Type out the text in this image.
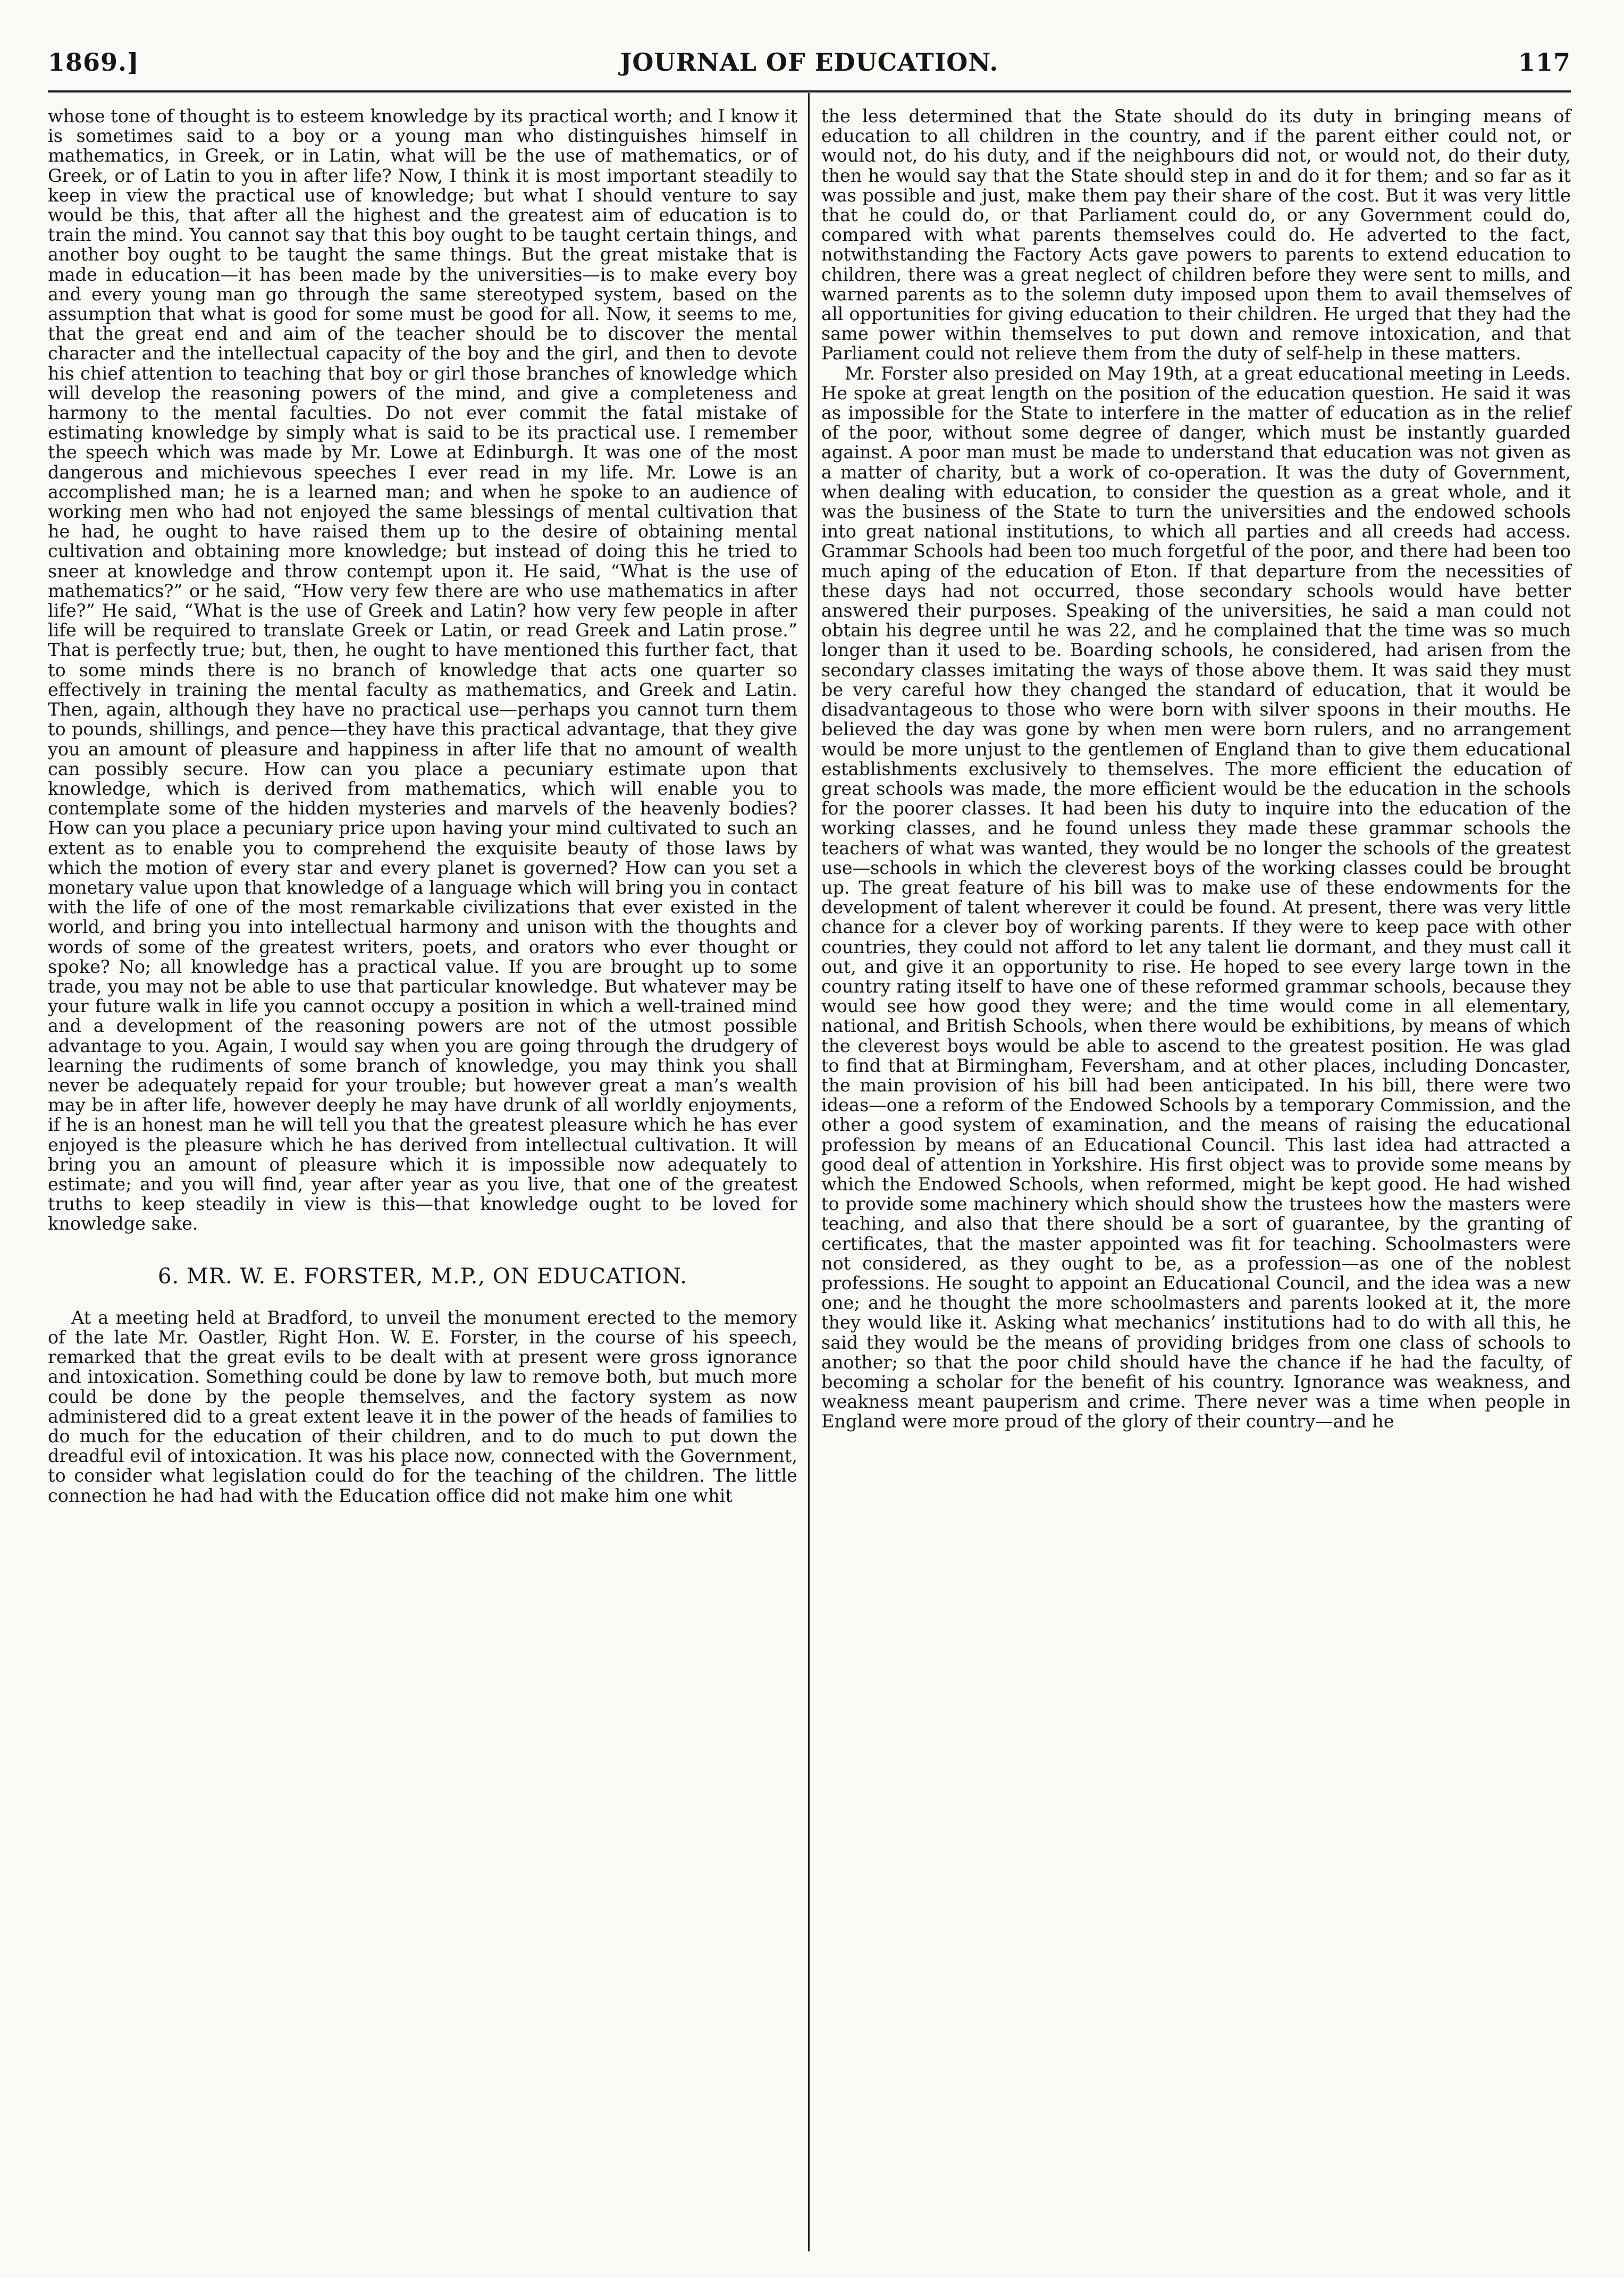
1869.]	JOURNAL OF EDUCATION.	117

whose tone of thought is to esteem knowledge by its practical worth; and I know it is sometimes said to a boy or a young man who distinguishes himself in mathematics, in Greek, or in Latin, what will be the use of mathematics, or of Greek, or of Latin to you in after life? Now, I think it is most important steadily to keep in view the practical use of knowledge; but what I should venture to say would be this, that after all the highest and the greatest aim of education is to train the mind. You cannot say that this boy ought to be taught certain things, and another boy ought to be taught the same things. But the great mistake that is made in education—it has been made by the universities—is to make every boy and every young man go through the same stereotyped system, based on the assumption that what is good for some must be good for all. Now, it seems to me, that the great end and aim of the teacher should be to discover the mental character and the intellectual capacity of the boy and the girl, and then to devote his chief attention to teaching that boy or girl those branches of knowledge which will develop the reasoning powers of the mind, and give a completeness and harmony to the mental faculties. Do not ever commit the fatal mistake of estimating knowledge by simply what is said to be its practical use. I remember the speech which was made by Mr. Lowe at Edinburgh. It was one of the most dangerous and michievous speeches I ever read in my life. Mr. Lowe is an accomplished man; he is a learned man; and when he spoke to an audience of working men who had not enjoyed the same blessings of mental cultivation that he had, he ought to have raised them up to the desire of obtaining mental cultivation and obtaining more knowledge; but instead of doing this he tried to sneer at knowledge and throw contempt upon it. He said, “What is the use of mathematics?” or he said, “How very few there are who use mathematics in after life?” He said, “What is the use of Greek and Latin? how very few people in after life will be required to translate Greek or Latin, or read Greek and Latin prose.” That is perfectly true; but, then, he ought to have mentioned this further fact, that to some minds there is no branch of knowledge that acts one quarter so effectively in training the mental faculty as mathematics, and Greek and Latin. Then, again, although they have no practical use—perhaps you cannot turn them to pounds, shillings, and pence—they have this practical advantage, that they give you an amount of pleasure and happiness in after life that no amount of wealth can possibly secure. How can you place a pecuniary estimate upon that knowledge, which is derived from mathematics, which will enable you to contemplate some of the hidden mysteries and marvels of the heavenly bodies? How can you place a pecuniary price upon having your mind cultivated to such an extent as to enable you to comprehend the exquisite beauty of those laws by which the motion of every star and every planet is governed? How can you set a monetary value upon that knowledge of a language which will bring you in contact with the life of one of the most remarkable civilizations that ever existed in the world, and bring you into intellectual harmony and unison with the thoughts and words of some of the greatest writers, poets, and orators who ever thought or spoke? No; all knowledge has a practical value. If you are brought up to some trade, you may not be able to use that particular knowledge. But whatever may be your future walk in life you cannot occupy a position in which a well-trained mind and a development of the reasoning powers are not of the utmost possible advantage to you. Again, I would say when you are going through the drudgery of learning the rudiments of some branch of knowledge, you may think you shall never be adequately repaid for your trouble; but however great a man’s wealth may be in after life, however deeply he may have drunk of all worldly enjoyments, if he is an honest man he will tell you that the greatest pleasure which he has ever enjoyed is the pleasure which he has derived from intellectual cultivation. It will bring you an amount of pleasure which it is impossible now adequately to estimate; and you will find, year after year as you live, that one of the greatest truths to keep steadily in view is this—that knowledge ought to be loved for knowledge sake.

6. MR. W. E. FORSTER, M.P., ON EDUCATION.

At a meeting held at Bradford, to unveil the monument erected to the memory of the late Mr. Oastler, Right Hon. W. E. Forster, in the course of his speech, remarked that the great evils to be dealt with at present were gross ignorance and intoxication. Something could be done by law to remove both, but much more could be done by the people themselves, and the factory system as now administered did to a great extent leave it in the power of the heads of families to do much for the education of their children, and to do much to put down the dreadful evil of intoxication. It was his place now, connected with the Government, to consider what legislation could do for the teaching of the children. The little connection he had had with the Education office did not make him one whit

the less determined that the State should do its duty in bringing means of education to all children in the country, and if the parent either could not, or would not, do his duty, and if the neighbours did not, or would not, do their duty, then he would say that the State should step in and do it for them; and so far as it was possible and just, make them pay their share of the cost. But it was very little that he could do, or that Parliament could do, or any Government could do, compared with what parents themselves could do. He adverted to the fact, notwithstanding the Factory Acts gave powers to parents to extend education to children, there was a great neglect of children before they were sent to mills, and warned parents as to the solemn duty imposed upon them to avail themselves of all opportunities for giving education to their children. He urged that they had the same power within themselves to put down and remove intoxication, and that Parliament could not relieve them from the duty of self-help in these matters.

Mr. Forster also presided on May 19th, at a great educational meeting in Leeds. He spoke at great length on the position of the education question. He said it was as impossible for the State to interfere in the matter of education as in the relief of the poor, without some degree of danger, which must be instantly guarded against. A poor man must be made to understand that education was not given as a matter of charity, but a work of co-operation. It was the duty of Government, when dealing with education, to consider the question as a great whole, and it was the business of the State to turn the universities and the endowed schools into great national institutions, to which all parties and all creeds had access. Grammar Schools had been too much forgetful of the poor, and there had been too much aping of the education of Eton. If that departure from the necessities of these days had not occurred, those secondary schools would have better answered their purposes. Speaking of the universities, he said a man could not obtain his degree until he was 22, and he complained that the time was so much longer than it used to be. Boarding schools, he considered, had arisen from the secondary classes imitating the ways of those above them. It was said they must be very careful how they changed the standard of education, that it would be disadvantageous to those who were born with silver spoons in their mouths. He believed the day was gone by when men were born rulers, and no arrangement would be more unjust to the gentlemen of England than to give them educational establishments exclusively to themselves. The more efficient the education of great schools was made, the more efficient would be the education in the schools for the poorer classes. It had been his duty to inquire into the education of the working classes, and he found unless they made these grammar schools the teachers of what was wanted, they would be no longer the schools of the greatest use—schools in which the cleverest boys of the working classes could be brought up. The great feature of his bill was to make use of these endowments for the development of talent wherever it could be found. At present, there was very little chance for a clever boy of working parents. If they were to keep pace with other countries, they could not afford to let any talent lie dormant, and they must call it out, and give it an opportunity to rise. He hoped to see every large town in the country rating itself to have one of these reformed grammar schools, because they would see how good they were; and the time would come in all elementary, national, and British Schools, when there would be exhibitions, by means of which the cleverest boys would be able to ascend to the greatest position. He was glad to find that at Birmingham, Feversham, and at other places, including Doncaster, the main provision of his bill had been anticipated. In his bill, there were two ideas—one a reform of the Endowed Schools by a temporary Commission, and the other a good system of examination, and the means of raising the educational profession by means of an Educational Council. This last idea had attracted a good deal of attention in Yorkshire. His first object was to provide some means by which the Endowed Schools, when reformed, might be kept good. He had wished to provide some machinery which should show the trustees how the masters were teaching, and also that there should be a sort of guarantee, by the granting of certificates, that the master appointed was fit for teaching. Schoolmasters were not considered, as they ought to be, as a profession—as one of the noblest professions. He sought to appoint an Educational Council, and the idea was a new one; and he thought the more schoolmasters and parents looked at it, the more they would like it. Asking what mechanics’ institutions had to do with all this, he said they would be the means of providing bridges from one class of schools to another; so that the poor child should have the chance if he had the faculty, of becoming a scholar for the benefit of his country. Ignorance was weakness, and weakness meant pauperism and crime. There never was a time when people in England were more proud of the glory of their country—and he
